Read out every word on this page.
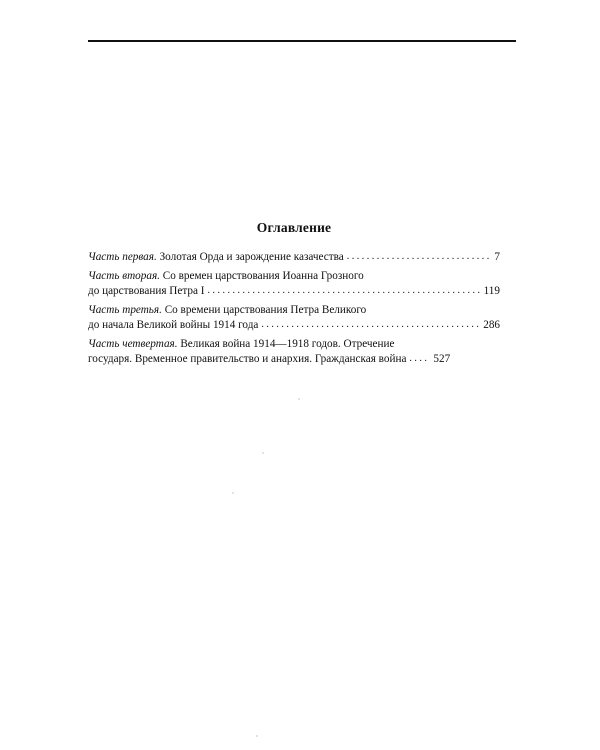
Оглавление
Часть первая.
Золотая Орда и зарождение казачества . . .	7
Часть вторая.
Со времен царствования Иоанна Грозного
до царствования Петра I . . .	119
Часть третья.
Со времени царствования Петра Великого
до начала Великой войны 1914 года . . .	286
Часть четвертая.
Великая война 1914—1918 годов. Отречение
государя. Временное правительство и анархия. Гражданская война . . . 527
